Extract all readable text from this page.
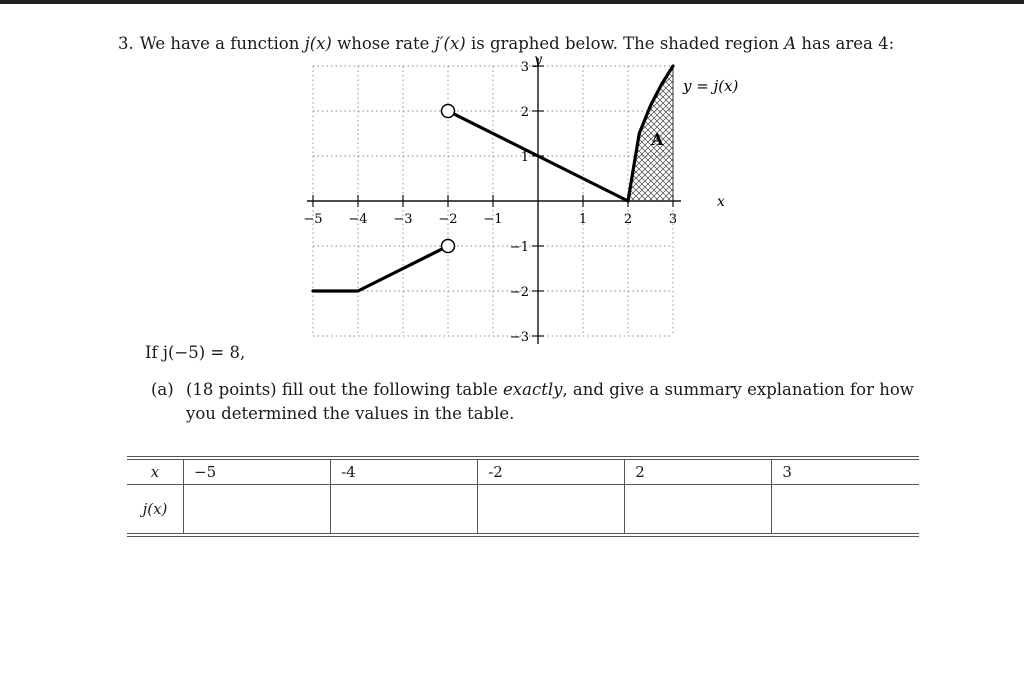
3. We have a function j(x) whose rate j′(x) is graphed below. The shaded region A has area 4:
−5 −4 −3 −2 −1	1	2	3
3
2
1
−1
−2
−3
y
x
y = j(x)
A
If j(−5) = 8,
(a) (18 points) fill out the following table exactly, and give a summary explanation for how you determined the values in the table.
x	−5	-4	-2	2	3
j(x)					
